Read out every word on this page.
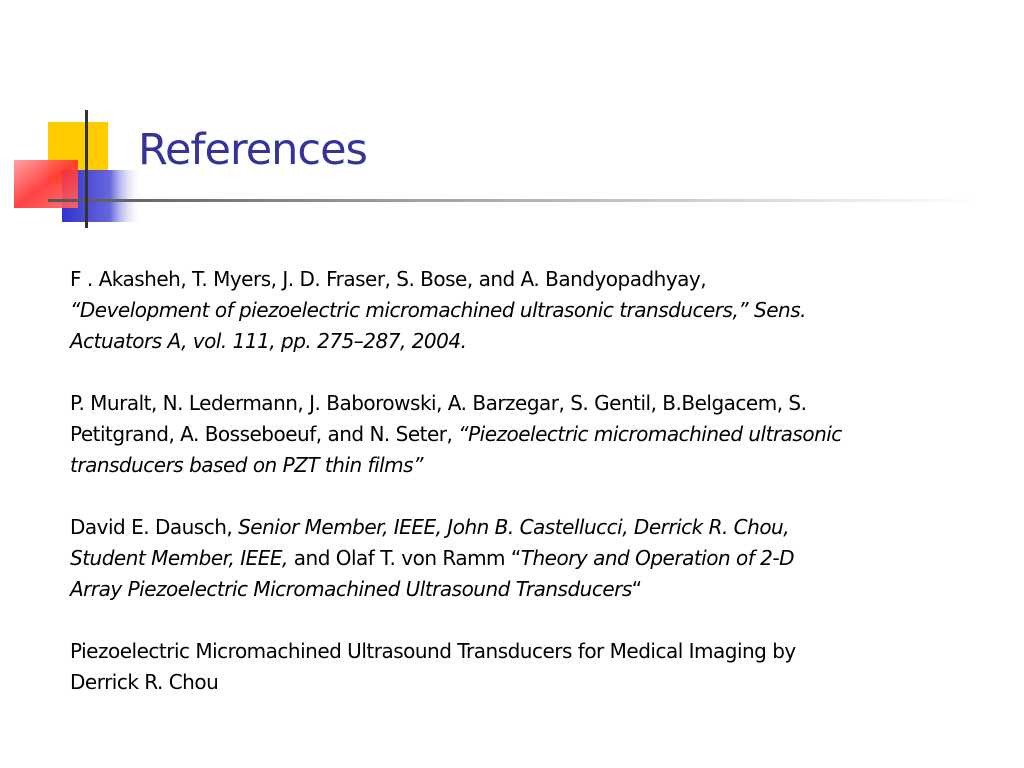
References

F . Akasheh, T. Myers, J. D. Fraser, S. Bose, and A. Bandyopadhyay,
“Development of piezoelectric micromachined ultrasonic transducers,” Sens.
Actuators A, vol. 111, pp. 275–287, 2004.

P. Muralt, N. Ledermann, J. Baborowski, A. Barzegar, S. Gentil, B.Belgacem, S.
Petitgrand, A. Bosseboeuf, and N. Seter, “Piezoelectric micromachined ultrasonic
transducers based on PZT thin films”

David E. Dausch, Senior Member, IEEE, John B. Castellucci, Derrick R. Chou,
Student Member, IEEE, and Olaf T. von Ramm “Theory and Operation of 2-D
Array Piezoelectric Micromachined Ultrasound Transducers“

Piezoelectric Micromachined Ultrasound Transducers for Medical Imaging by
Derrick R. Chou
